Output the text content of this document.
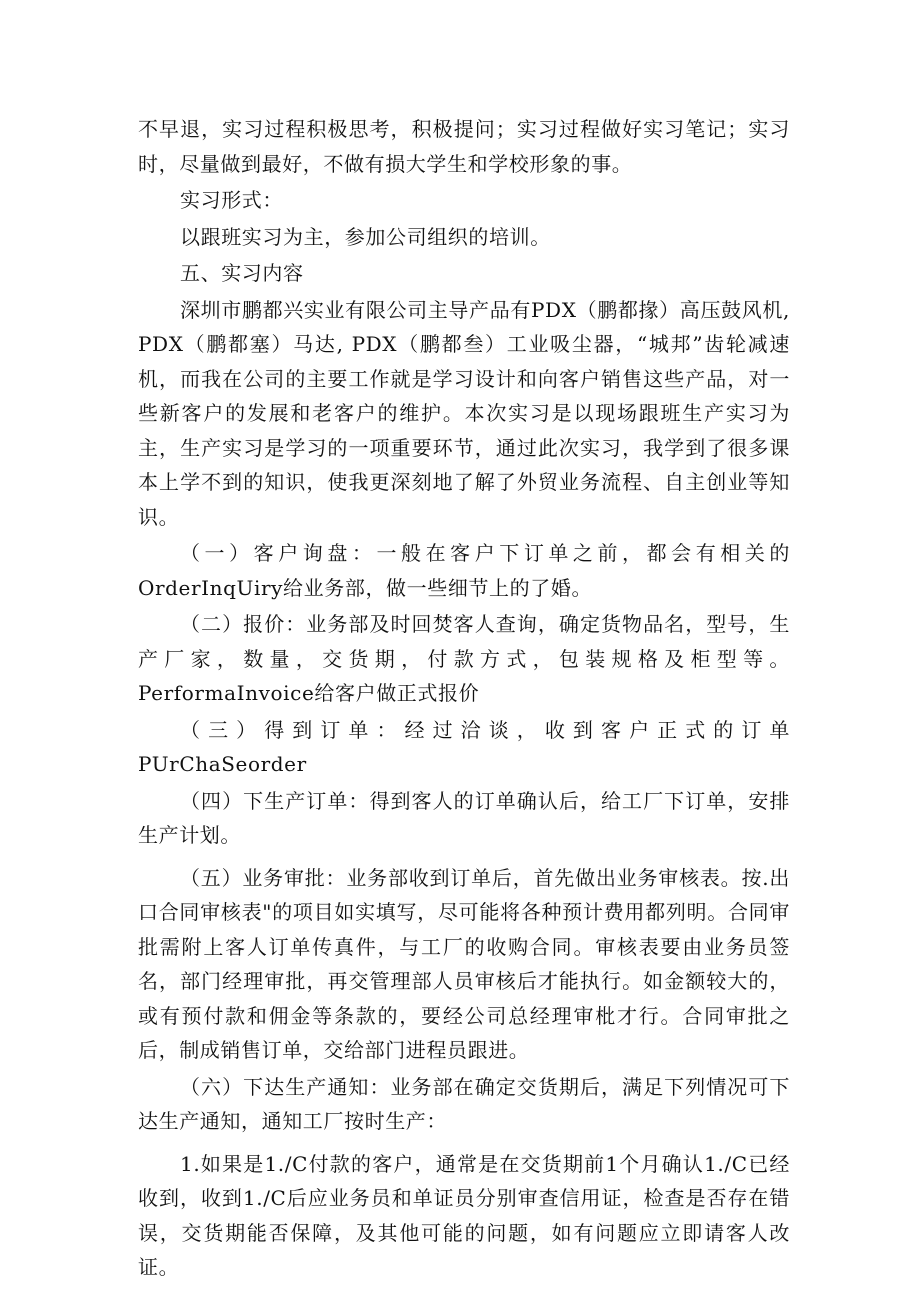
不早退，实习过程积极思考，积极提问；实习过程做好实习笔记；实习时，尽量做到最好，不做有损大学生和学校形象的事。

实习形式：

以跟班实习为主，参加公司组织的培训。

五、实习内容

深圳市鹏都兴实业有限公司主导产品有PDX（鹏都掾）高压鼓风机, PDX（鹏都塞）马达, PDX（鹏都叁）工业吸尘器，“城邦”齿轮减速机，而我在公司的主要工作就是学习设计和向客户销售这些产品，对一些新客户的发展和老客户的维护。本次实习是以现场跟班生产实习为主，生产实习是学习的一项重要环节，通过此次实习，我学到了很多课本上学不到的知识，使我更深刻地了解了外贸业务流程、自主创业等知识。

（一）客户询盘：一般在客户下订单之前，都会有相关的OrderInqUiry给业务部，做一些细节上的了婚。

（二）报价：业务部及时回焚客人查询，确定货物品名，型号，生产厂家，数量，交货期，付款方式，包装规格及柜型等。PerformaInvoice给客户做正式报价

（三）得到订单：经过洽谈，收到客户正式的订单PUrChaSeorder

（四）下生产订单：得到客人的订单确认后，给工厂下订单，安排生产计划。

（五）业务审批：业务部收到订单后，首先做出业务审核表。按.出口合同审核表"的项目如实填写，尽可能将各种预计费用都列明。合同审批需附上客人订单传真件，与工厂的收购合同。审核表要由业务员签名，部门经理审批，再交管理部人员审核后才能执行。如金额较大的，或有预付款和佣金等条款的，要经公司总经理审枇才行。合同审批之后，制成销售订单，交给部门进程员跟进。

（六）下达生产通知：业务部在确定交货期后，满足下列情况可下达生产通知，通知工厂按时生产：

1.如果是1./C付款的客户，通常是在交货期前1个月确认1./C已经收到，收到1./C后应业务员和单证员分别审查信用证，检查是否存在错误，交货期能否保障，及其他可能的问题，如有问题应立即请客人改证。
